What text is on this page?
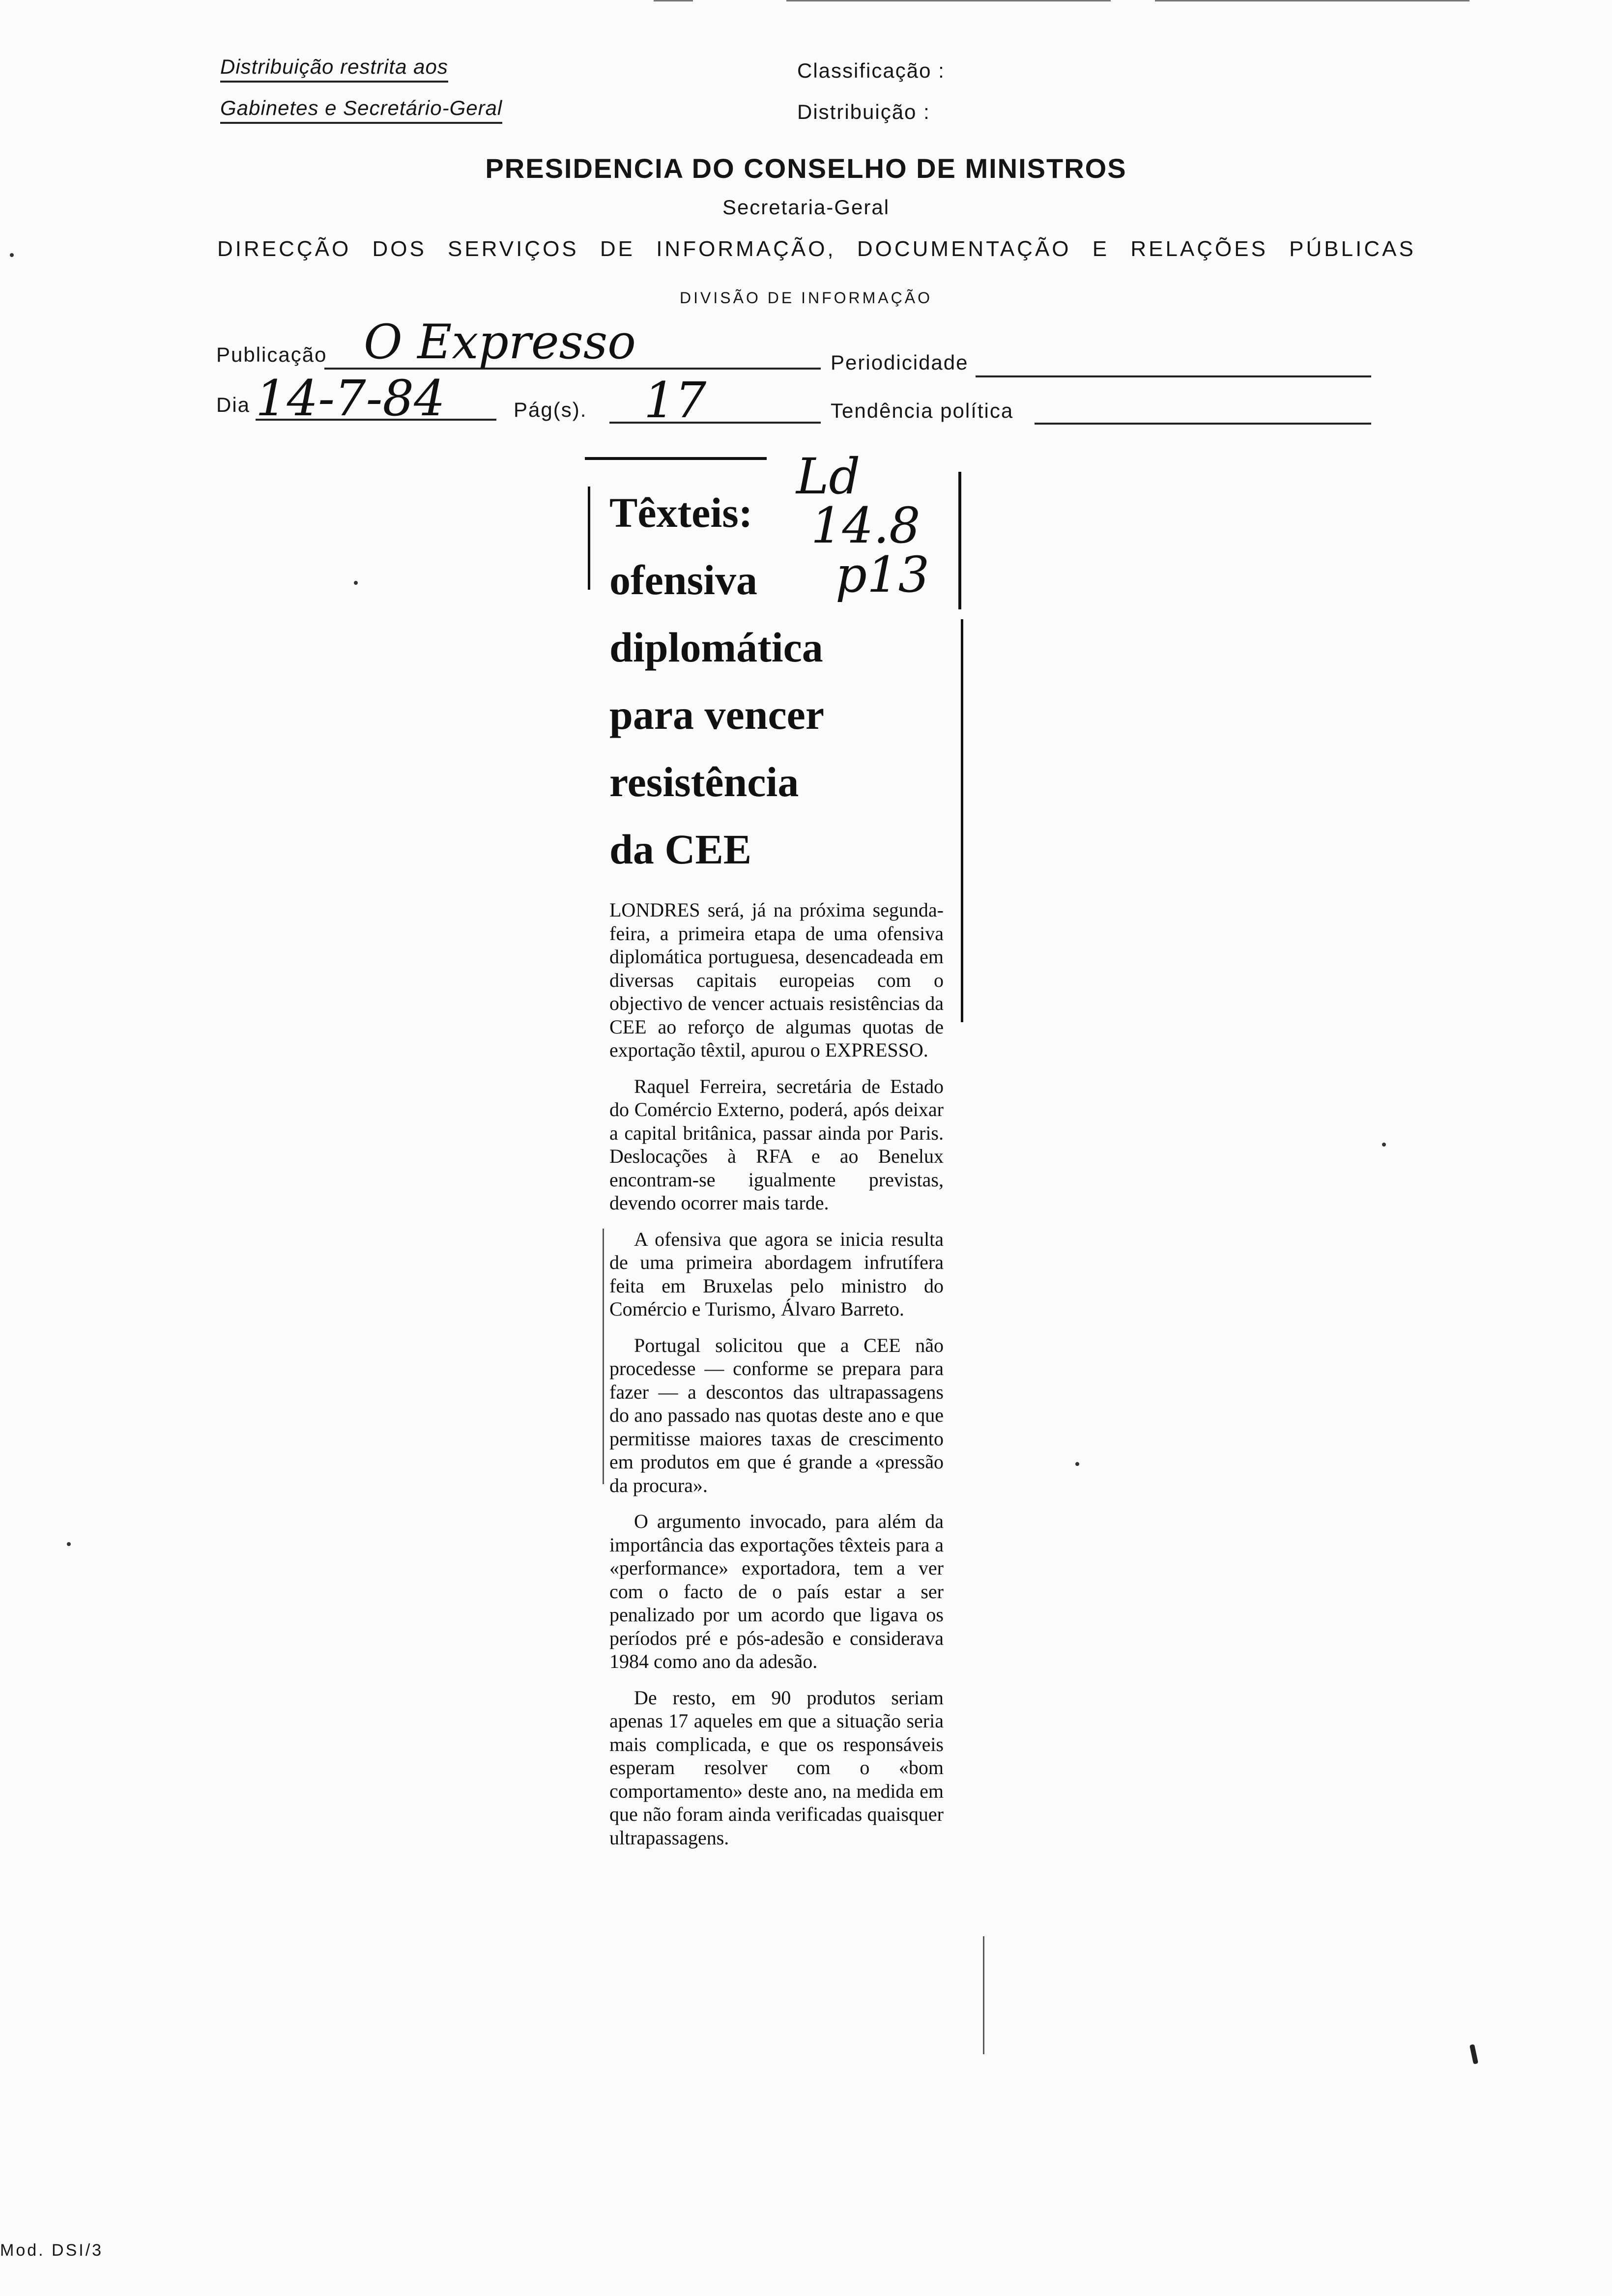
Distribuição restrita aos
Gabinetes e Secretário-Geral
Classificação :
Distribuição :
PRESIDENCIA DO CONSELHO DE MINISTROS
Secretaria-Geral
DIRECÇÃO DOS SERVIÇOS DE INFORMAÇÃO, DOCUMENTAÇÃO E RELAÇÕES PÚBLICAS
DIVISÃO DE INFORMAÇÃO
Publicação O Expresso	Periodicidade
Dia 14-7-84	Pág(s). 17	Tendência política
Ld
14.8
p13
Têxteis:
ofensiva
diplomática
para vencer
resistência
da CEE

LONDRES será, já na próxima segunda-feira, a primeira etapa de uma ofensiva diplomática portuguesa, desencadeada em diversas capitais europeias com o objectivo de vencer actuais resistências da CEE ao reforço de algumas quotas de exportação têxtil, apurou o EXPRESSO.

Raquel Ferreira, secretária de Estado do Comércio Externo, poderá, após deixar a capital britânica, passar ainda por Paris. Deslocações à RFA e ao Benelux encontram-se igualmente previstas, devendo ocorrer mais tarde.

A ofensiva que agora se inicia resulta de uma primeira abordagem infrutífera feita em Bruxelas pelo ministro do Comércio e Turismo, Álvaro Barreto.

Portugal solicitou que a CEE não procedesse — conforme se prepara para fazer — a descontos das ultrapassagens do ano passado nas quotas deste ano e que permitisse maiores taxas de crescimento em produtos em que é grande a «pressão da procura».

O argumento invocado, para além da importância das exportações têxteis para a «performance» exportadora, tem a ver com o facto de o país estar a ser penalizado por um acordo que ligava os períodos pré e pós-adesão e considerava 1984 como ano da adesão.

De resto, em 90 produtos seriam apenas 17 aqueles em que a situação seria mais complicada, e que os responsáveis esperam resolver com o «bom comportamento» deste ano, na medida em que não foram ainda verificadas quaisquer ultrapassagens.

Mod. DSI/3
